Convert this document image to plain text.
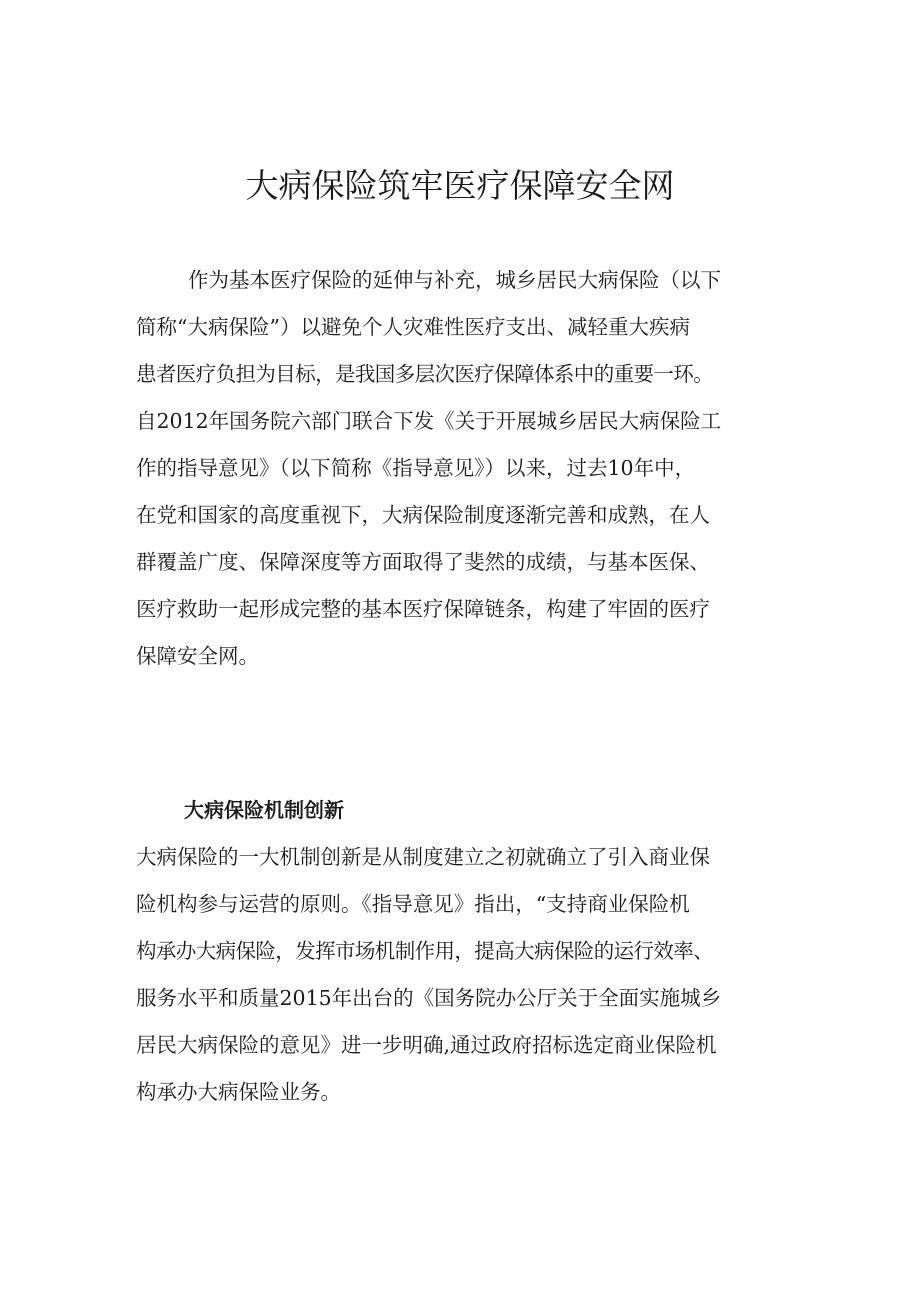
大病保险筑牢医疗保障安全网
作为基本医疗保险的延伸与补充，城乡居民大病保险（以下
简称“大病保险”）以避免个人灾难性医疗支出、减轻重大疾病
患者医疗负担为目标，是我国多层次医疗保障体系中的重要一环。
自2012年国务院六部门联合下发《关于开展城乡居民大病保险工
作的指导意见》（以下简称《指导意见》）以来，过去10年中，
在党和国家的高度重视下，大病保险制度逐渐完善和成熟，在人
群覆盖广度、保障深度等方面取得了斐然的成绩，与基本医保、
医疗救助一起形成完整的基本医疗保障链条，构建了牢固的医疗
保障安全网。
大病保险机制创新
大病保险的一大机制创新是从制度建立之初就确立了引入商业保
险机构参与运营的原则。《指导意见》指出，“支持商业保险机
构承办大病保险，发挥市场机制作用，提高大病保险的运行效率、
服务水平和质量2015年出台的《国务院办公厅关于全面实施城乡
居民大病保险的意见》进一步明确,通过政府招标选定商业保险机
构承办大病保险业务。
